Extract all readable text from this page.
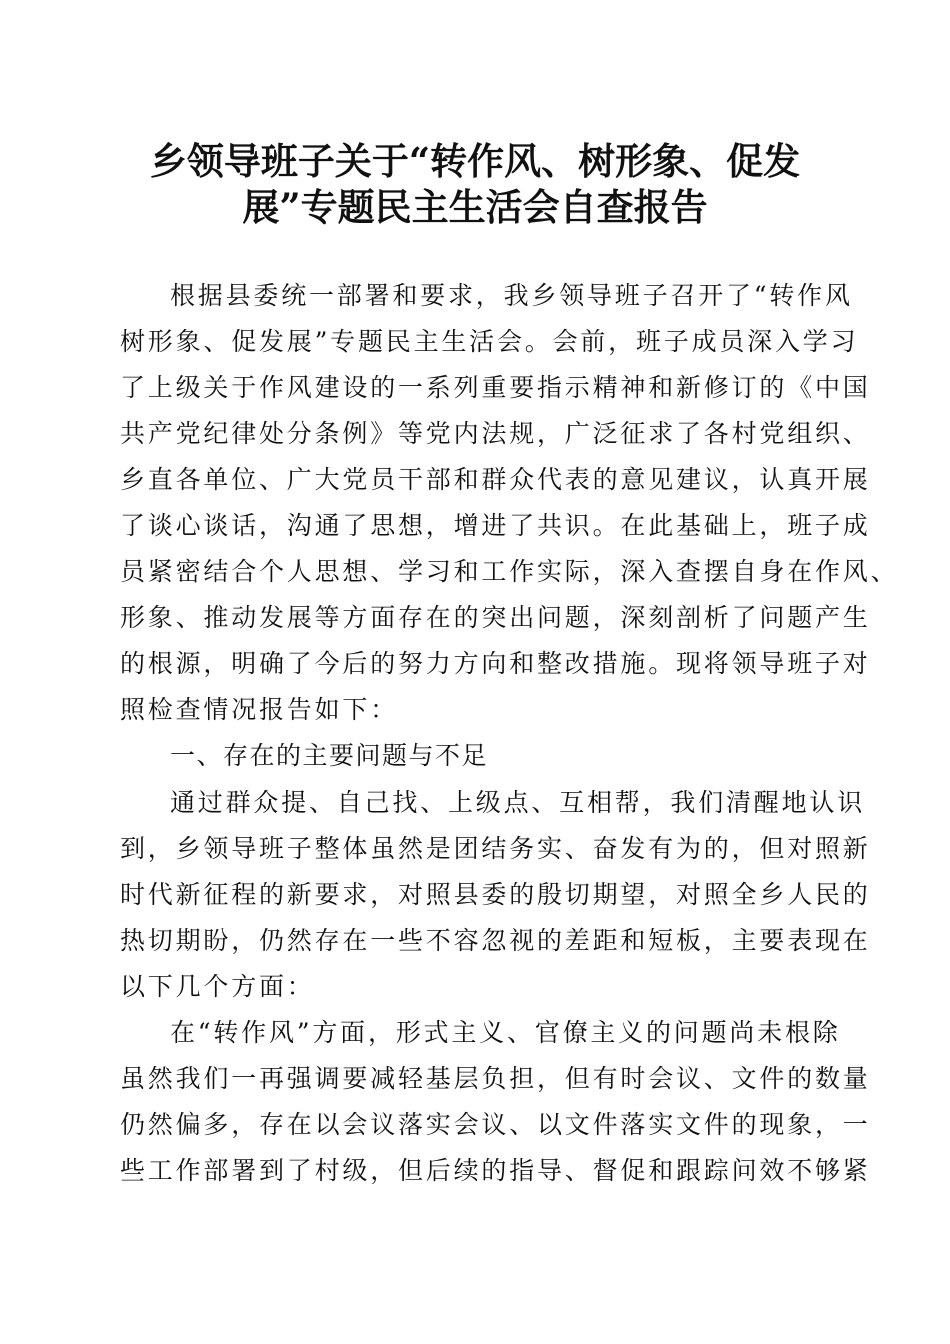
乡领导班子关于“转作风、树形象、促发
展”专题民主生活会自查报告
根据县委统一部署和要求，我乡领导班子召开了“转作风
树形象、促发展”专题民主生活会。会前，班子成员深入学习
了上级关于作风建设的一系列重要指示精神和新修订的《中国
共产党纪律处分条例》等党内法规，广泛征求了各村党组织、
乡直各单位、广大党员干部和群众代表的意见建议，认真开展
了谈心谈话，沟通了思想，增进了共识。在此基础上，班子成
员紧密结合个人思想、学习和工作实际，深入查摆自身在作风、
形象、推动发展等方面存在的突出问题，深刻剖析了问题产生
的根源，明确了今后的努力方向和整改措施。现将领导班子对
照检查情况报告如下：
一、存在的主要问题与不足
通过群众提、自己找、上级点、互相帮，我们清醒地认识
到，乡领导班子整体虽然是团结务实、奋发有为的，但对照新
时代新征程的新要求，对照县委的殷切期望，对照全乡人民的
热切期盼，仍然存在一些不容忽视的差距和短板，主要表现在
以下几个方面：
在“转作风”方面，形式主义、官僚主义的问题尚未根除
虽然我们一再强调要减轻基层负担，但有时会议、文件的数量
仍然偏多，存在以会议落实会议、以文件落实文件的现象，一
些工作部署到了村级，但后续的指导、督促和跟踪问效不够紧
